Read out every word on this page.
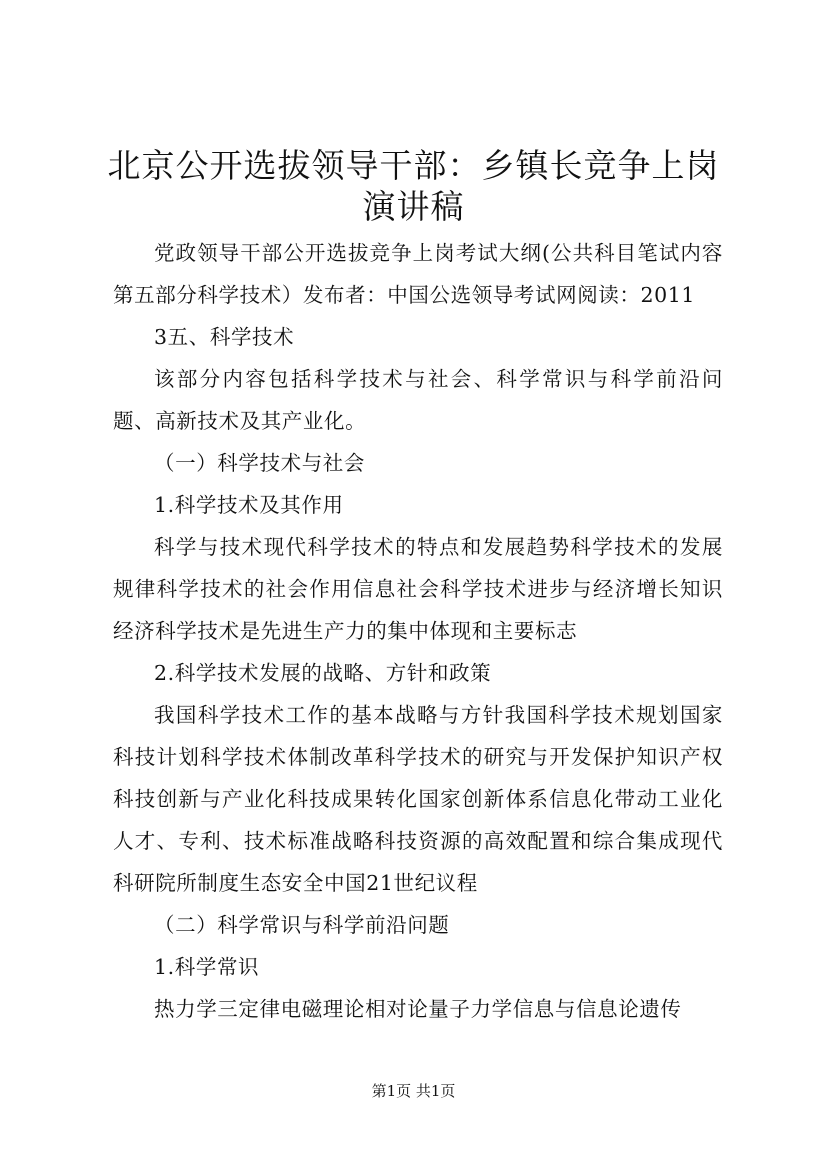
北京公开选拔领导干部：乡镇长竞争上岗演讲稿

党政领导干部公开选拔竞争上岗考试大纲(公共科目笔试内容第五部分科学技术）发布者：中国公选领导考试网阅读：2011

3五、科学技术

该部分内容包括科学技术与社会、科学常识与科学前沿问题、高新技术及其产业化。

（一）科学技术与社会

1.科学技术及其作用

科学与技术现代科学技术的特点和发展趋势科学技术的发展规律科学技术的社会作用信息社会科学技术进步与经济增长知识经济科学技术是先进生产力的集中体现和主要标志

2.科学技术发展的战略、方针和政策

我国科学技术工作的基本战略与方针我国科学技术规划国家科技计划科学技术体制改革科学技术的研究与开发保护知识产权科技创新与产业化科技成果转化国家创新体系信息化带动工业化人才、专利、技术标准战略科技资源的高效配置和综合集成现代科研院所制度生态安全中国21世纪议程

（二）科学常识与科学前沿问题

1.科学常识

热力学三定律电磁理论相对论量子力学信息与信息论遗传

第1页 共1页
